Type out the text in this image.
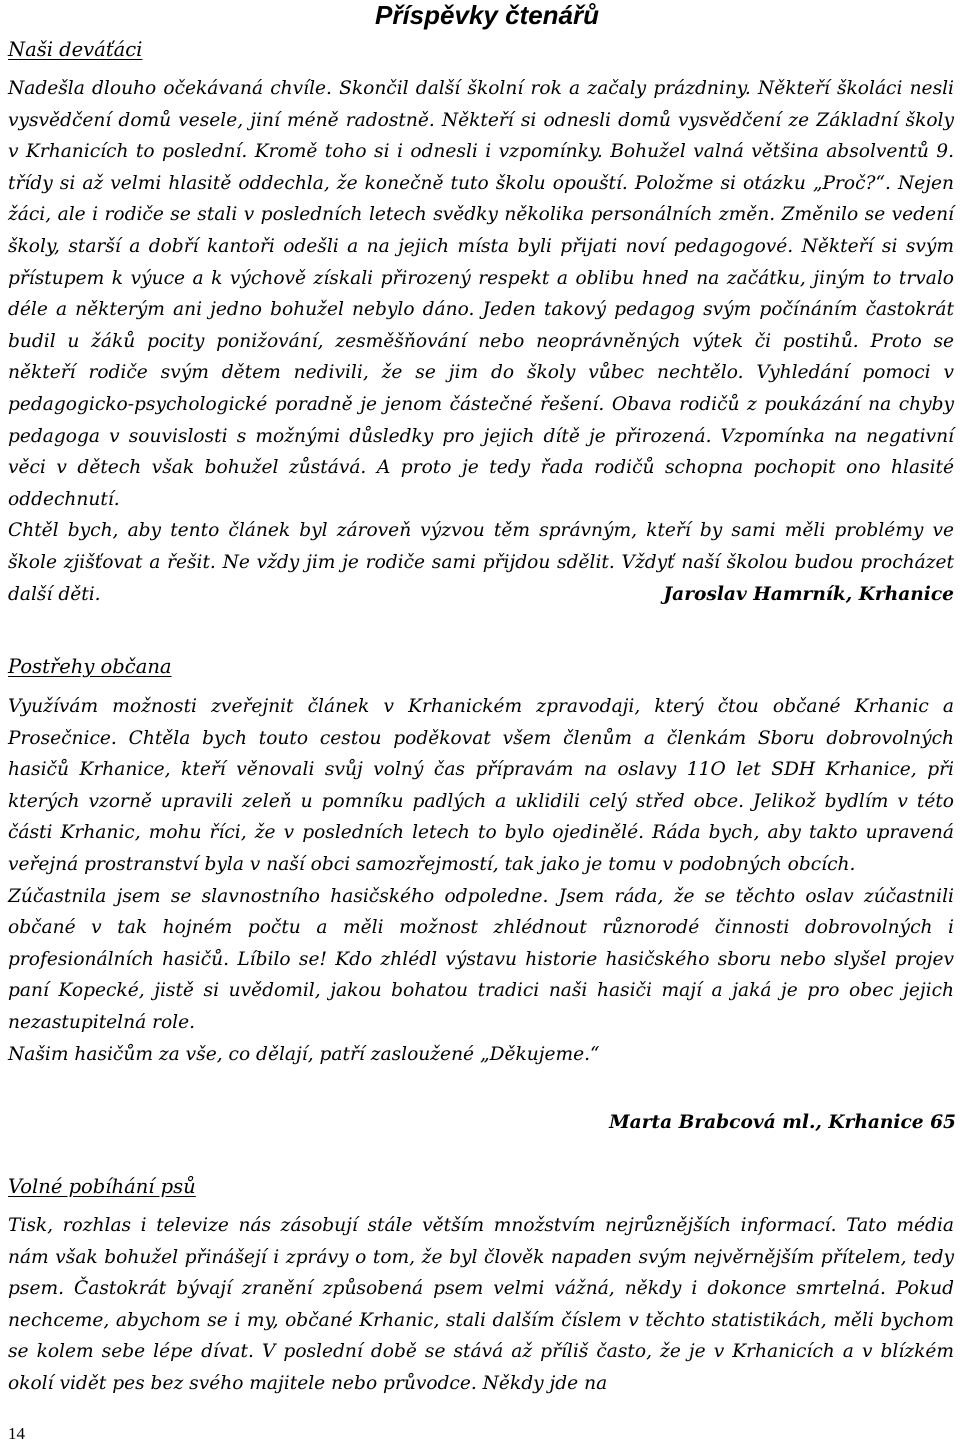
Příspěvky čtenářů
Naši deváťáci

Nadešla dlouho očekávaná chvíle. Skončil další školní rok a začaly prázdniny. Někteří školáci nesli vysvědčení domů vesele, jiní méně radostně. Někteří si odnesli domů vysvědčení ze Základní školy v Krhanicích to poslední. Kromě toho si i odnesli i vzpomínky. Bohužel valná většina absolventů 9. třídy si až velmi hlasitě oddechla, že konečně tuto školu opouští. Položme si otázku „Proč?“. Nejen žáci, ale i rodiče se stali v posledních letech svědky několika personálních změn. Změnilo se vedení školy, starší a dobří kantoři odešli a na jejich místa byli přijati noví pedagogové. Někteří si svým přístupem k výuce a k výchově získali přirozený respekt a oblibu hned na začátku, jiným to trvalo déle a některým ani jedno bohužel nebylo dáno. Jeden takový pedagog svým počínáním častokrát budil u žáků pocity ponižování, zesměšňování nebo neoprávněných výtek či postihů. Proto se někteří rodiče svým dětem nedivili, že se jim do školy vůbec nechtělo. Vyhledání pomoci v pedagogicko-psychologické poradně je jenom částečné řešení. Obava rodičů z poukázání na chyby pedagoga v souvislosti s možnými důsledky pro jejich dítě je přirozená. Vzpomínka na negativní věci v dětech však bohužel zůstává. A proto je tedy řada rodičů schopna pochopit ono hlasité oddechnutí.

Chtěl bych, aby tento článek byl zároveň výzvou těm správným, kteří by sami měli problémy ve škole zjišťovat a řešit. Ne vždy jim je rodiče sami přijdou sdělit. Vždyť naší školou budou procházet další děti.	Jaroslav Hamrník, Krhanice

Postřehy občana

Využívám možnosti zveřejnit článek v Krhanickém zpravodaji, který čtou občané Krhanic a Prosečnice. Chtěla bych touto cestou poděkovat všem členům a členkám Sboru dobrovolných hasičů Krhanice, kteří věnovali svůj volný čas přípravám na oslavy 11O let SDH Krhanice, při kterých vzorně upravili zeleň u pomníku padlých a uklidili celý střed obce. Jelikož bydlím v této části Krhanic, mohu říci, že v posledních letech to bylo ojedinělé. Ráda bych, aby takto upravená veřejná prostranství byla v naší obci samozřejmostí, tak jako je tomu v podobných obcích.

Zúčastnila jsem se slavnostního hasičského odpoledne. Jsem ráda, že se těchto oslav zúčastnili občané v tak hojném počtu a měli možnost zhlédnout různorodé činnosti dobrovolných i profesionálních hasičů. Líbilo se! Kdo zhlédl výstavu historie hasičského sboru nebo slyšel projev paní Kopecké, jistě si uvědomil, jakou bohatou tradici naši hasiči mají a jaká je pro obec jejich nezastupitelná role.

Našim hasičům za vše, co dělají, patří zasloužené „Děkujeme.“

Marta Brabcová ml., Krhanice 65
Volné pobíhání psů

Tisk, rozhlas i televize nás zásobují stále větším množstvím nejrůznějších informací. Tato média nám však bohužel přinášejí i zprávy o tom, že byl člověk napaden svým nejvěrnějším přítelem, tedy psem. Častokrát bývají zranění způsobená psem velmi vážná, někdy i dokonce smrtelná. Pokud nechceme, abychom se i my, občané Krhanic, stali dalším číslem v těchto statistikách, měli bychom se kolem sebe lépe dívat. V poslední době se stává až příliš často, že je v Krhanicích a v blízkém okolí vidět pes bez svého majitele nebo průvodce. Někdy jde na

14
